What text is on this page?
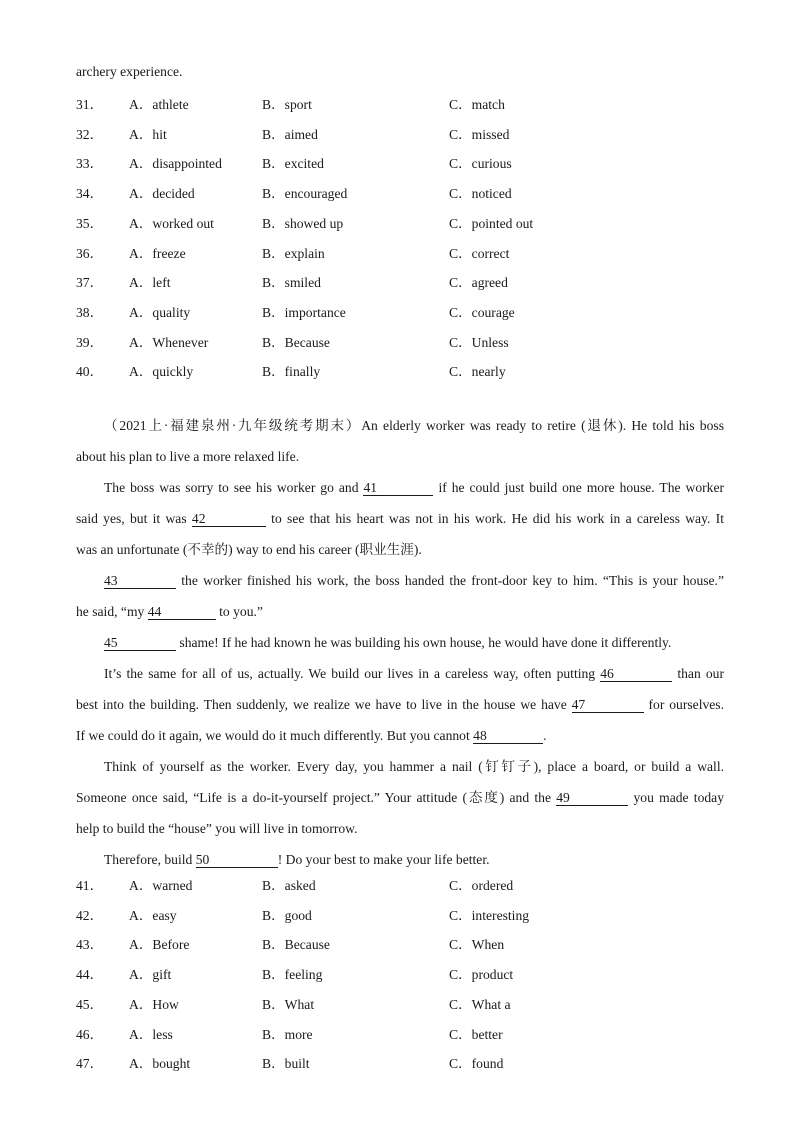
archery experience.
31． A．athlete	B．sport	C．match
32． A．hit	B．aimed	C．missed
33． A．disappointed	B．excited	C．curious
34． A．decided	B．encouraged	C．noticed
35． A．worked out	B．showed up	C．pointed out
36． A．freeze	B．explain	C．correct
37． A．left	B．smiled	C．agreed
38． A．quality	B．importance	C．courage
39． A．Whenever	B．Because	C．Unless
40． A．quickly	B．finally	C．nearly
（2021上·福建泉州·九年级统考期末）An elderly worker was ready to retire (退休). He told his boss
about his plan to live a more relaxed life.
The boss was sorry to see his worker go and 41	if he could just build one more house. The worker
said yes, but it was 42	to see that his heart was not in his work. He did his work in a careless way. It
was an unfortunate (不幸的) way to end his career (职业生涯).
43	the worker finished his work, the boss handed the front-door key to him. “This is your house.”
he said, “my 44	to you.”
45	shame! If he had known he was building his own house, he would have done it differently.
It’s the same for all of us, actually. We build our lives in a careless way, often putting 46	than our
best into the building. Then suddenly, we realize we have to live in the house we have 47	for ourselves.
If we could do it again, we would do it much differently. But you cannot 48	.
Think of yourself as the worker. Every day, you hammer a nail (钉钉子), place a board, or build a wall.
Someone once said, “Life is a do-it-yourself project.” Your attitude (态度) and the 49	you made today
help to build the “house” you will live in tomorrow.
Therefore, build 50	! Do your best to make your life better.
41． A．warned	B．asked	C．ordered
42． A．easy	B．good	C．interesting
43． A．Before	B．Because	C．When
44． A．gift	B．feeling	C．product
45． A．How	B．What	C．What a
46． A．less	B．more	C．better
47． A．bought	B．built	C．found
